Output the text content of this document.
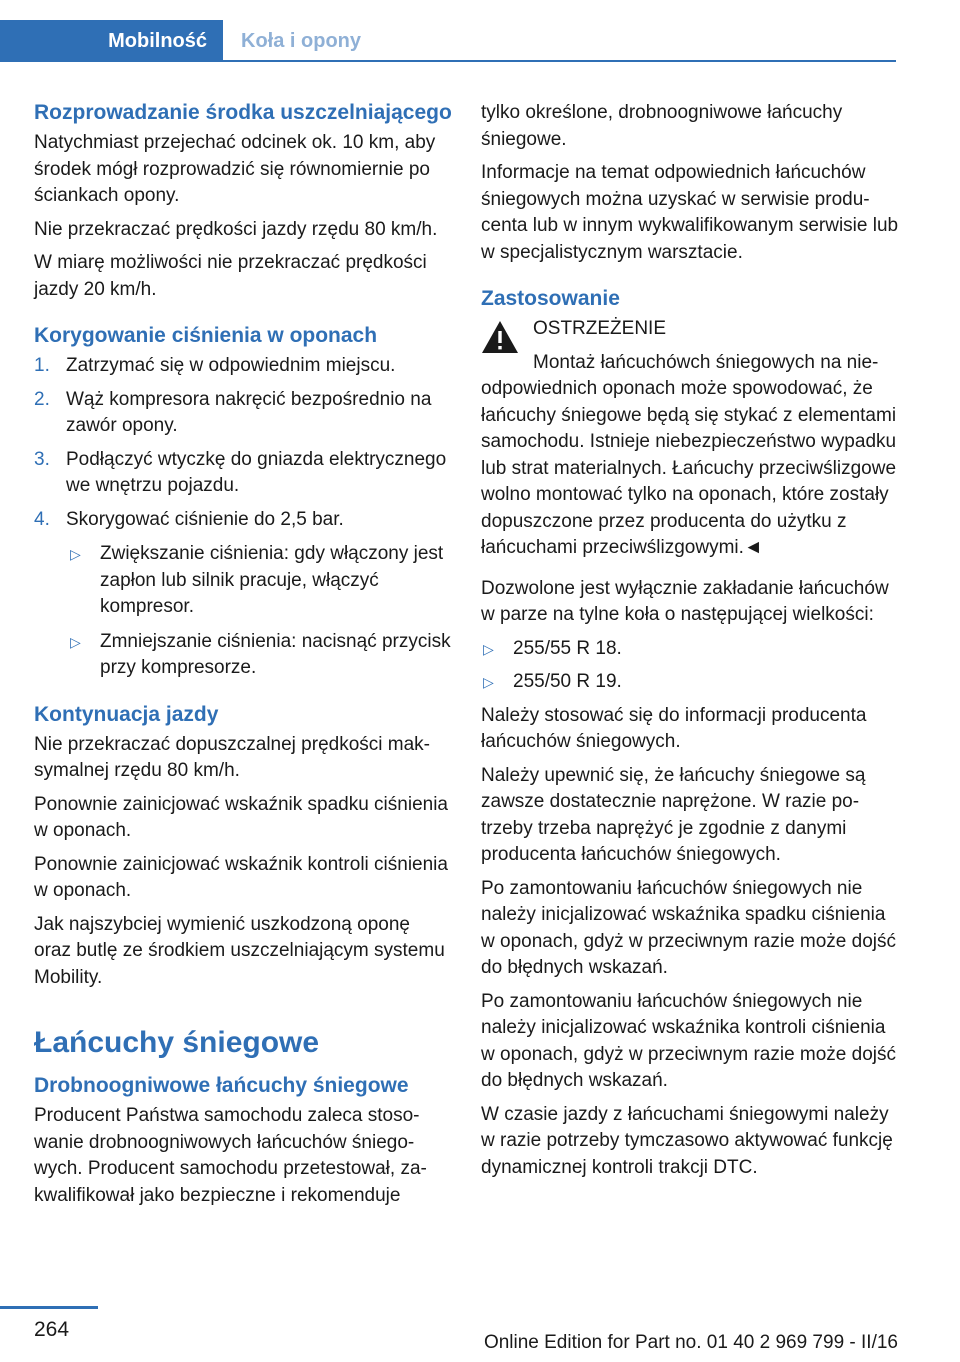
Mobilność	Koła i opony
Rozprowadzanie środka uszczelniającego

Natychmiast przejechać odcinek ok. 10 km, aby środek mógł rozprowadzić się równomiernie po ściankach opony.

Nie przekraczać prędkości jazdy rzędu 80 km/h.

W miarę możliwości nie przekraczać prędkości jazdy 20 km/h.

Korygowanie ciśnienia w oponach
1. Zatrzymać się w odpowiednim miejscu.
2. Wąż kompresora nakręcić bezpośrednio na zawór opony.
3. Podłączyć wtyczkę do gniazda elektrycznego we wnętrzu pojazdu.
4. Skorygować ciśnienie do 2,5 bar.
▷ Zwiększanie ciśnienia: gdy włączony jest zapłon lub silnik pracuje, włączyć kompresor.
▷ Zmniejszanie ciśnienia: nacisnąć przycisk przy kompresorze.
Kontynuacja jazdy

Nie przekraczać dopuszczalnej prędkości maksymalnej rzędu 80 km/h.

Ponownie zainicjować wskaźnik spadku ciśnienia w oponach.

Ponownie zainicjować wskaźnik kontroli ciśnienia w oponach.

Jak najszybciej wymienić uszkodzoną oponę oraz butlę ze środkiem uszczelniającym systemu Mobility.

Łańcuchy śniegowe
Drobnoogniwowe łańcuchy śniegowe

Producent Państwa samochodu zaleca stosowanie drobnoogniwowych łańcuchów śniegowych. Producent samochodu przetestował, zakwalifikował jako bezpieczne i rekomenduje

tylko określone, drobnoogniwowe łańcuchy śniegowe.

Informacje na temat odpowiednich łańcuchów śniegowych można uzyskać w serwisie producenta lub w innym wykwalifikowanym serwisie lub w specjalistycznym warsztacie.

Zastosowanie

OSTRZEŻENIE

Montaż łańcuchówch śniegowych na nieodpowiednich oponach może spowodować, że łańcuchy śniegowe będą się stykać z elementami samochodu. Istnieje niebezpieczeństwo wypadku lub strat materialnych. Łańcuchy przeciwślizgowe wolno montować tylko na oponach, które zostały dopuszczone przez producenta do użytku z łańcuchami przeciwślizgowymi.◄

Dozwolone jest wyłącznie zakładanie łańcuchów w parze na tylne koła o następującej wielkości:

▷ 255/55 R 18.
▷ 255/50 R 19.

Należy stosować się do informacji producenta łańcuchów śniegowych.

Należy upewnić się, że łańcuchy śniegowe są zawsze dostatecznie naprężone. W razie potrzeby trzeba naprężyć je zgodnie z danymi producenta łańcuchów śniegowych.

Po zamontowaniu łańcuchów śniegowych nie należy inicjalizować wskaźnika spadku ciśnienia w oponach, gdyż w przeciwnym razie może dojść do błędnych wskazań.

Po zamontowaniu łańcuchów śniegowych nie należy inicjalizować wskaźnika kontroli ciśnienia w oponach, gdyż w przeciwnym razie może dojść do błędnych wskazań.

W czasie jazdy z łańcuchami śniegowymi należy w razie potrzeby tymczasowo aktywować funkcję dynamicznej kontroli trakcji DTC.

264
Online Edition for Part no. 01 40 2 969 799 - II/16
